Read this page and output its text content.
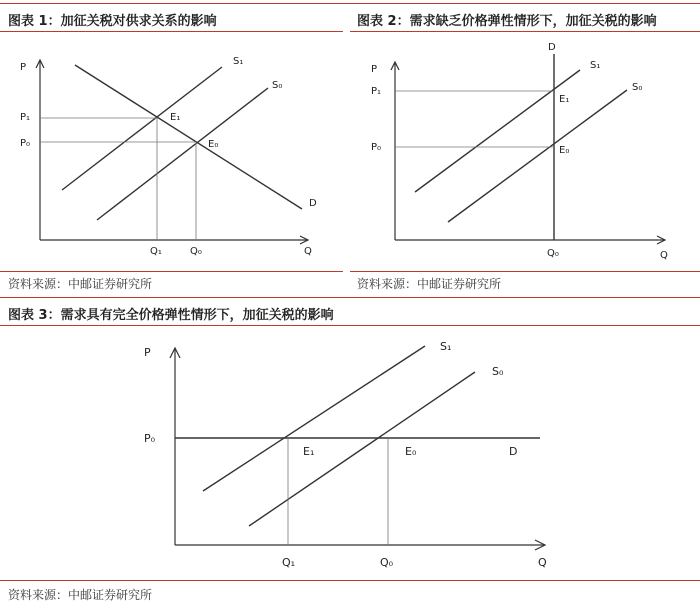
图表 1：加征关税对供求关系的影响
P
Q
S₁
S₀
D
E₁
E₀
P₁
P₀
Q₁	Q₀
资料来源：中邮证券研究所
图表 2：需求缺乏价格弹性情形下，加征关税的影响
D
P
Q
S₁
S₀
E₁
E₀
P₁
P₀
Q₀
资料来源：中邮证券研究所
图表 3：需求具有完全价格弹性情形下，加征关税的影响
P
Q
S₁
S₀
D
E₁	E₀
P₀
Q₁	Q₀
资料来源：中邮证券研究所
